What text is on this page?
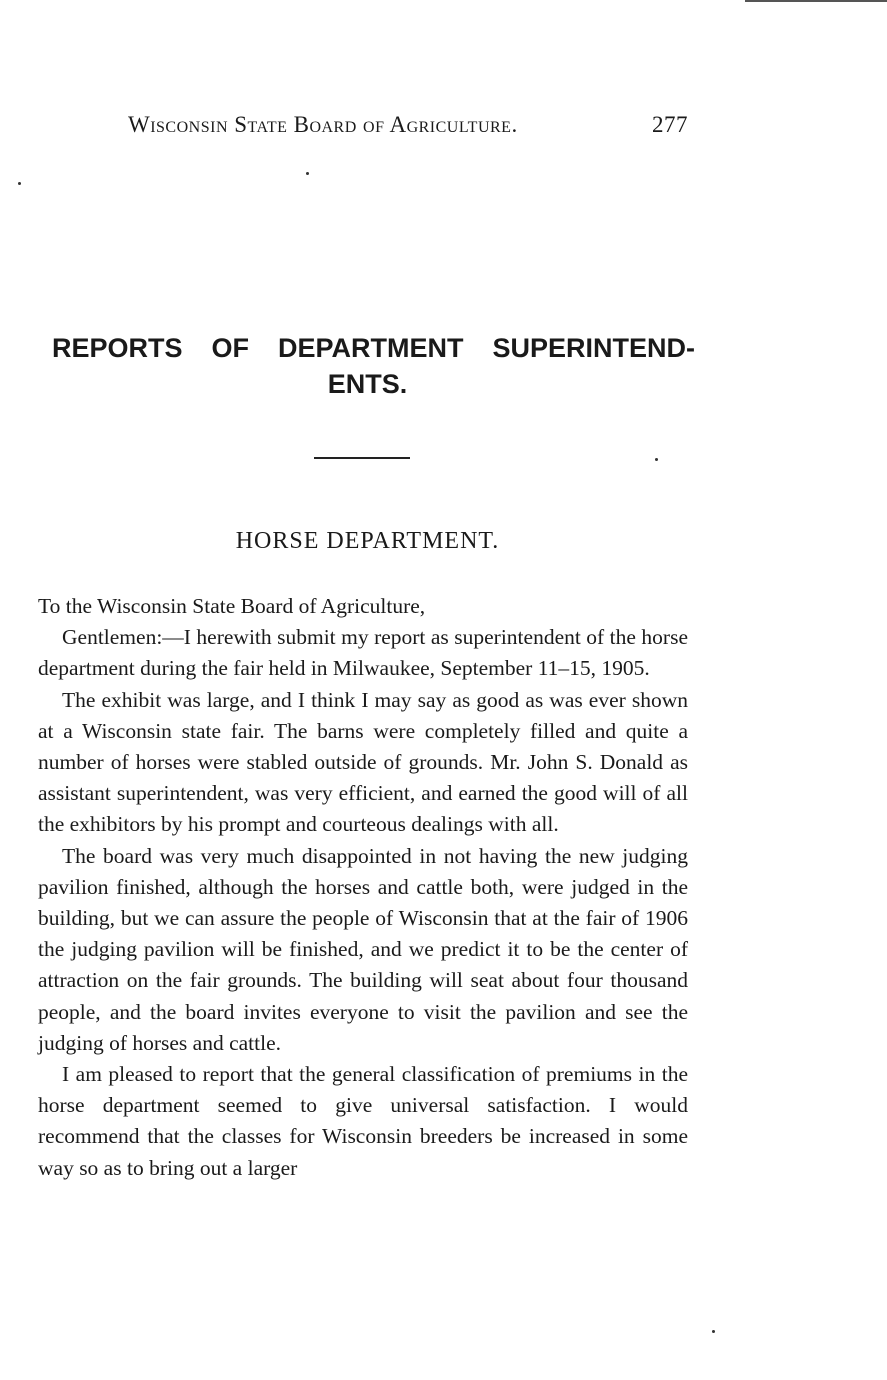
Wisconsin State Board of Agriculture.	277
REPORTS OF DEPARTMENT SUPERINTEND-
ENTS.
HORSE DEPARTMENT.

To the Wisconsin State Board of Agriculture,

Gentlemen:—I herewith submit my report as superintendent of the horse department during the fair held in Milwaukee, September 11–15, 1905.

The exhibit was large, and I think I may say as good as was ever shown at a Wisconsin state fair. The barns were completely filled and quite a number of horses were stabled outside of grounds. Mr. John S. Donald as assistant superintendent, was very efficient, and earned the good will of all the exhibitors by his prompt and courteous dealings with all.

The board was very much disappointed in not having the new judging pavilion finished, although the horses and cattle both, were judged in the building, but we can assure the people of Wisconsin that at the fair of 1906 the judging pavilion will be finished, and we predict it to be the center of attraction on the fair grounds. The building will seat about four thousand people, and the board invites everyone to visit the pavilion and see the judging of horses and cattle.

I am pleased to report that the general classification of premiums in the horse department seemed to give universal satisfaction. I would recommend that the classes for Wisconsin breeders be increased in some way so as to bring out a larger
